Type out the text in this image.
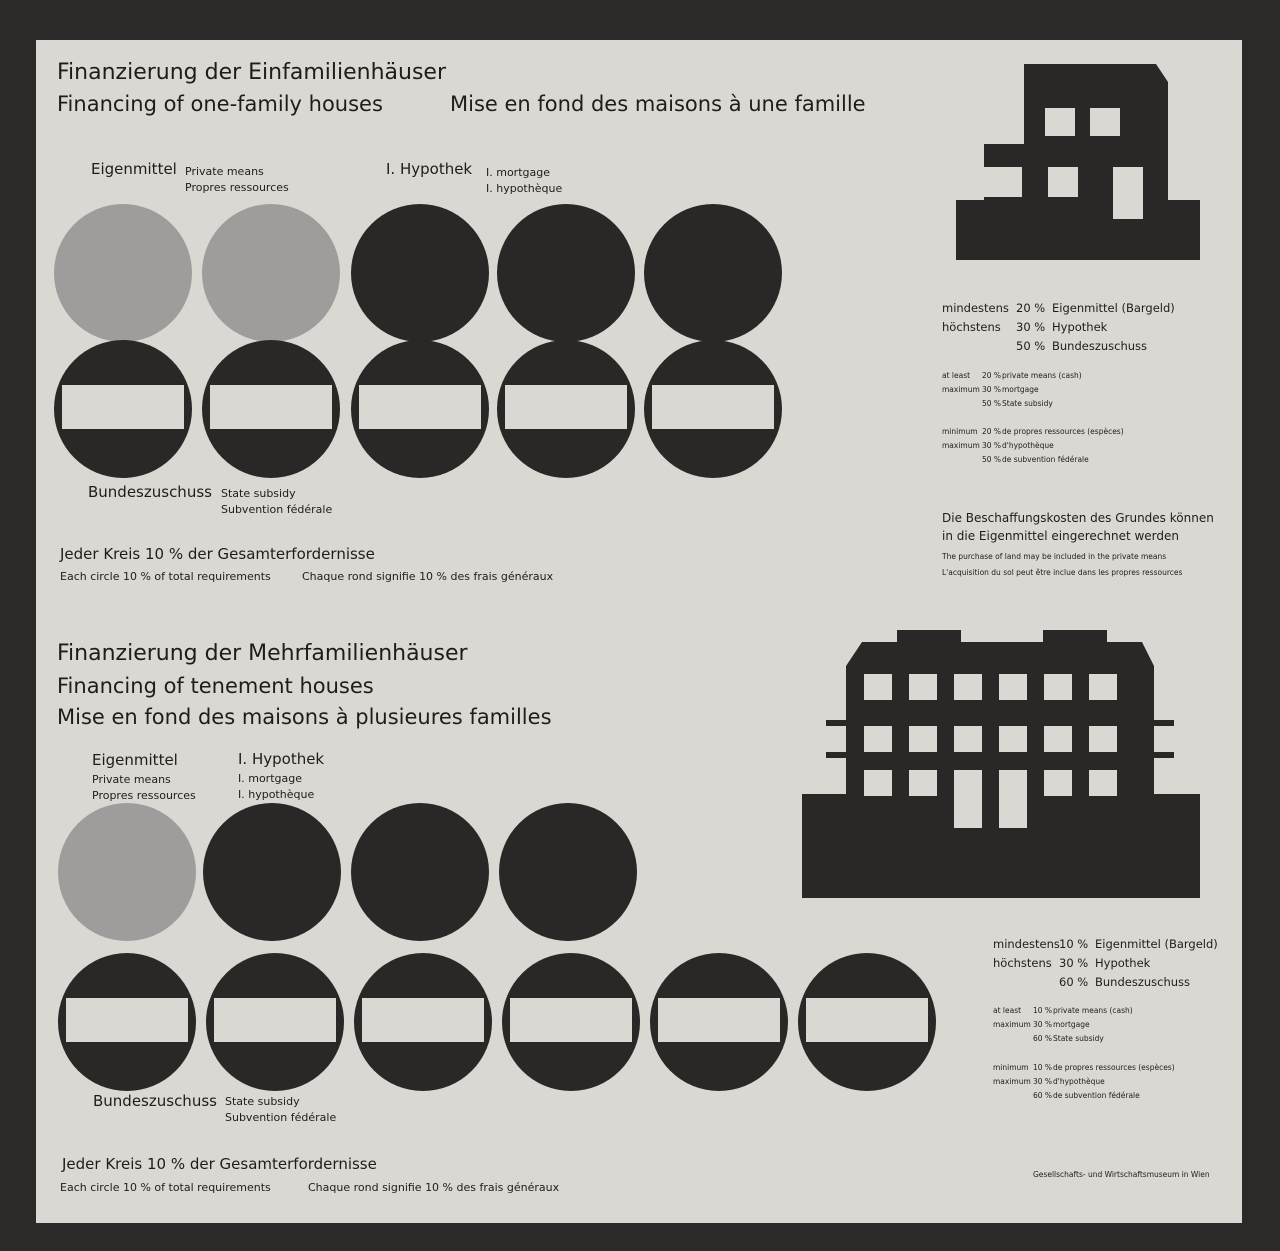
Finanzierung der Einfamilienhäuser
Financing of one-family houses	Mise en fond des maisons à une famille
Eigenmittel Private means
Propres ressources
I. Hypothek I. mortgage
I. hypothèque
Bundeszuschuss State subsidy
Subvention fédérale
Jeder Kreis 10 % der Gesamterfordernisse
Each circle 10 % of total requirements	Chaque rond signifie 10 % des frais généraux
mindestens 20 % Eigenmittel (Bargeld)
höchstens 30 % Hypothek
50 % Bundeszuschuss
at least 20 %private means (cash)
maximum 30 %mortgage
50 %State subsidy
minimum 20 %de propres ressources (espèces)
maximum 30 %d'hypothèque
50 %de subvention fédérale
Die Beschaffungskosten des Grundes können
in die Eigenmittel eingerechnet werden
The purchase of land may be included in the private means
L'acquisition du sol peut être inclue dans les propres ressources
Finanzierung der Mehrfamilienhäuser
Financing of tenement houses
Mise en fond des maisons à plusieures familles
Eigenmittel
Private means
Propres ressources
I. Hypothek
I. mortgage
I. hypothèque
Bundeszuschuss State subsidy
Subvention fédérale
Jeder Kreis 10 % der Gesamterfordernisse
Each circle 10 % of total requirements	Chaque rond signifie 10 % des frais généraux
mindestens10 % Eigenmittel (Bargeld)
höchstens 30 % Hypothek
60 % Bundeszuschuss
at least 10 %private means (cash)
maximum 30 %mortgage
60 %State subsidy
minimum 10 %de propres ressources (espèces)
maximum 30 %d'hypothèque
60 %de subvention fédérale
Gesellschafts- und Wirtschaftsmuseum in Wien
